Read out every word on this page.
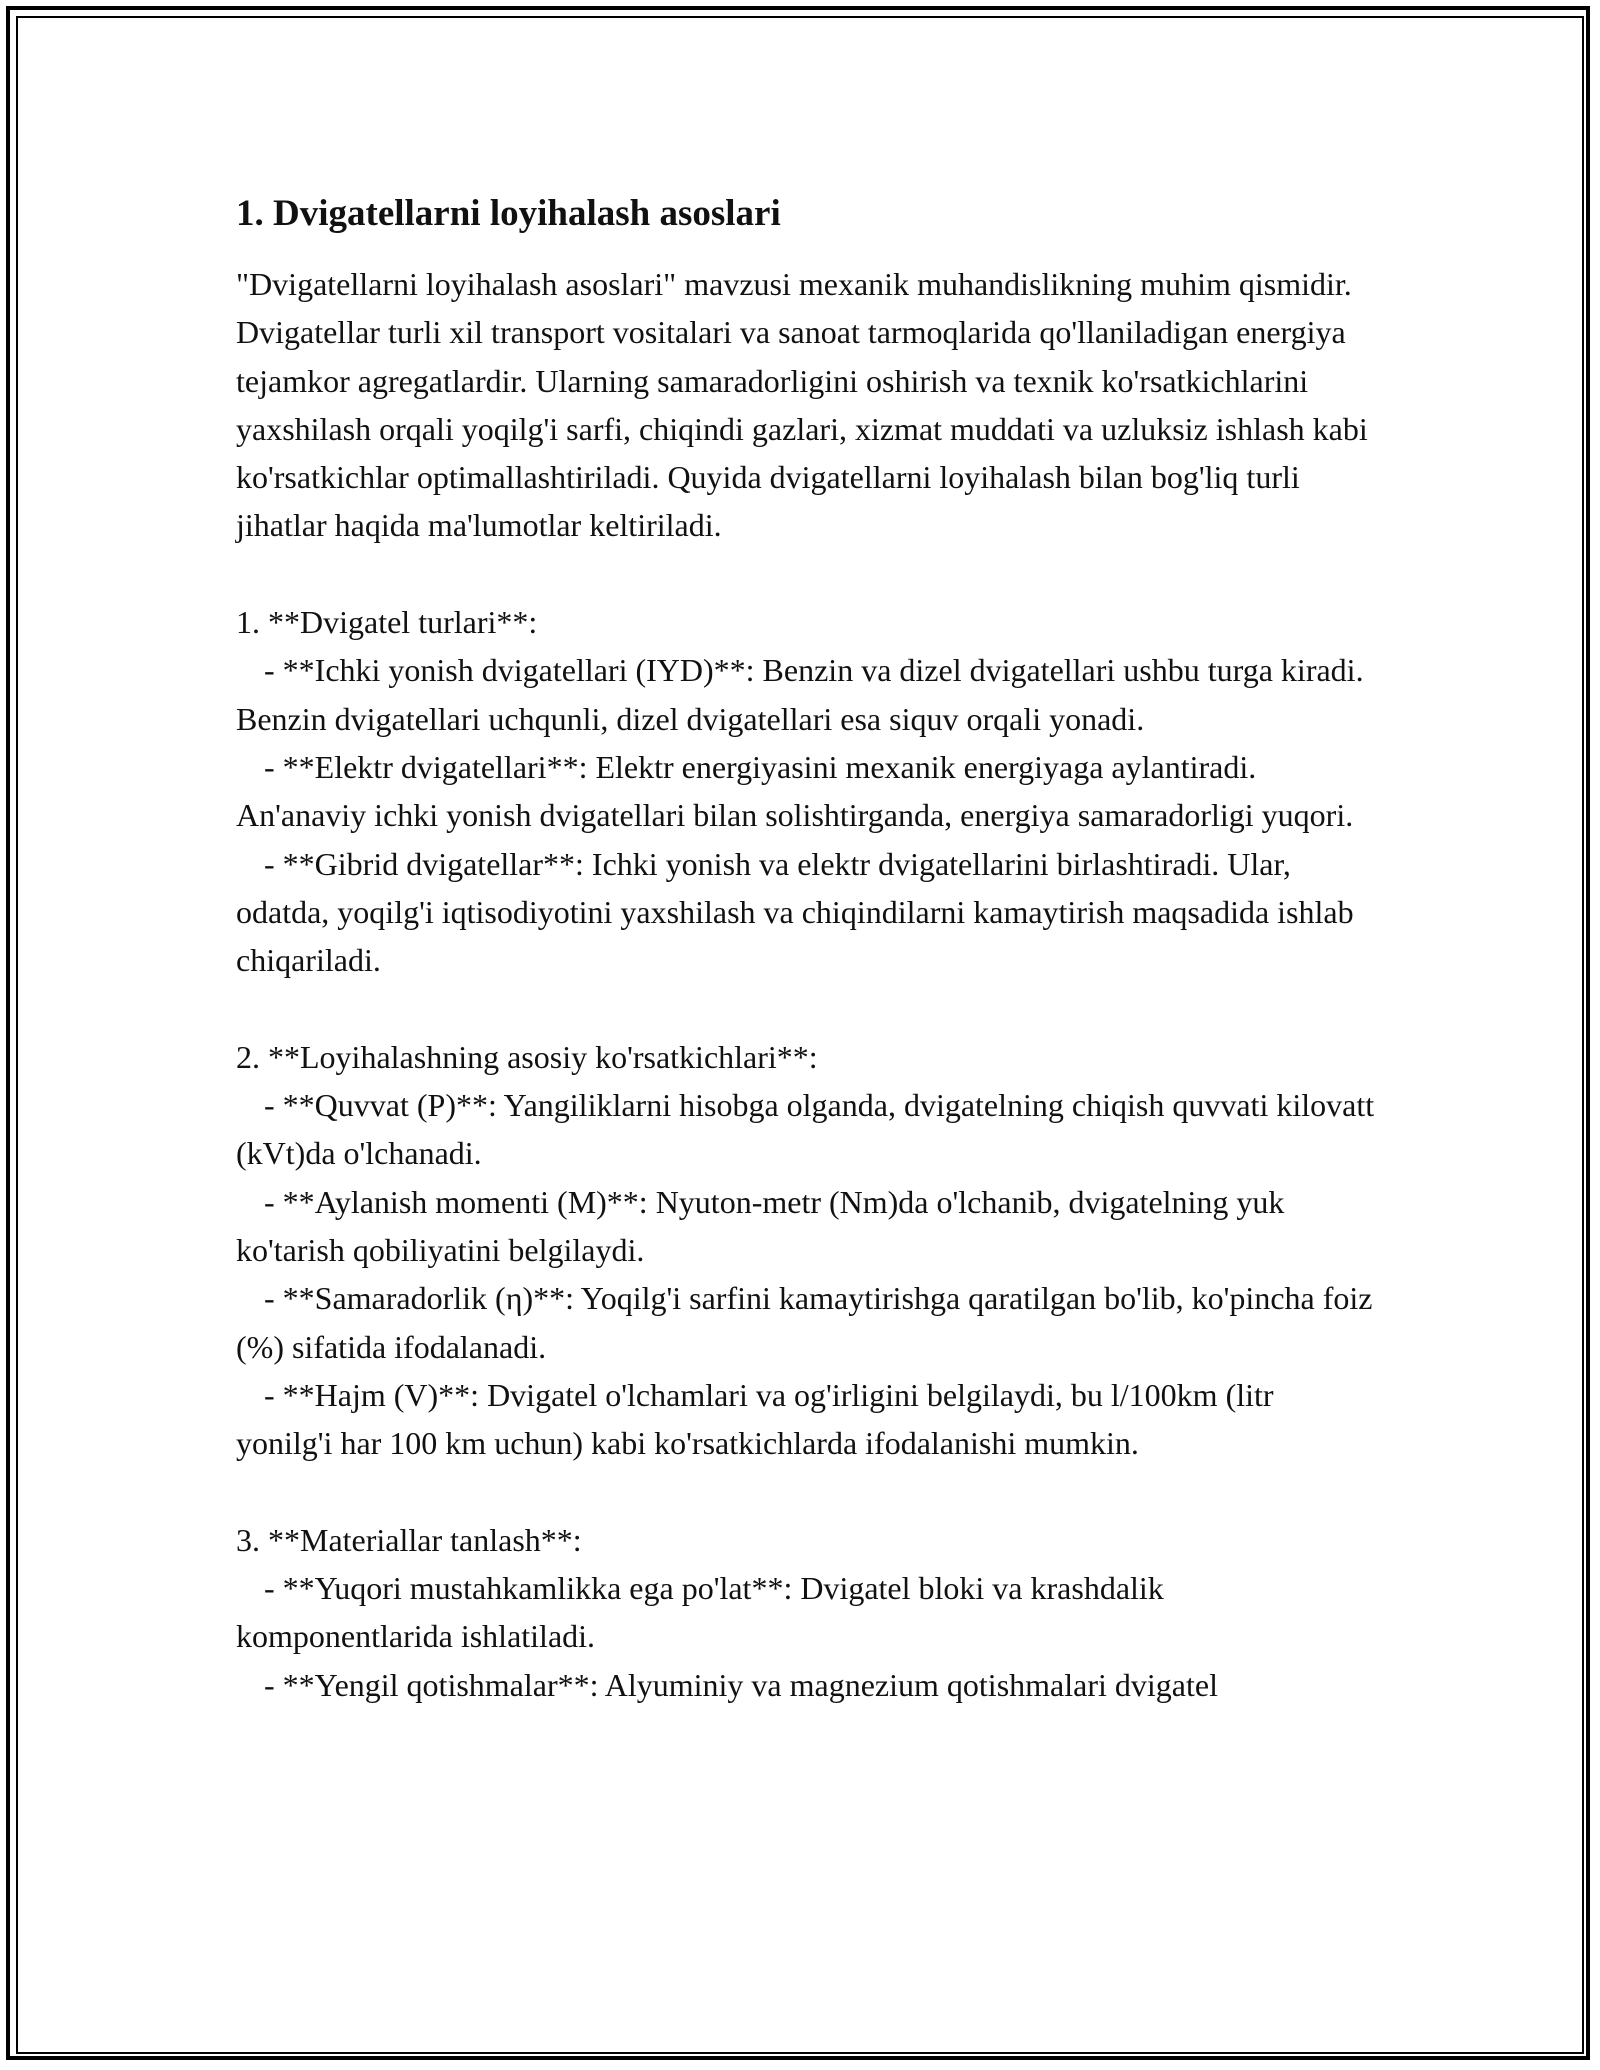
1. Dvigatellarni loyihalash asoslari

"Dvigatellarni loyihalash asoslari" mavzusi mexanik muhandislikning muhim qismidir. Dvigatellar turli xil transport vositalari va sanoat tarmoqlarida qo'llaniladigan energiya tejamkor agregatlardir. Ularning samaradorligini oshirish va texnik ko'rsatkichlarini yaxshilash orqali yoqilg'i sarfi, chiqindi gazlari, xizmat muddati va uzluksiz ishlash kabi ko'rsatkichlar optimallashtiriladi. Quyida dvigatellarni loyihalash bilan bog'liq turli jihatlar haqida ma'lumotlar keltiriladi.

1. **Dvigatel turlari**:

- **Ichki yonish dvigatellari (IYD)**: Benzin va dizel dvigatellari ushbu turga kiradi. Benzin dvigatellari uchqunli, dizel dvigatellari esa siquv orqali yonadi.

- **Elektr dvigatellari**: Elektr energiyasini mexanik energiyaga aylantiradi. An'anaviy ichki yonish dvigatellari bilan solishtirganda, energiya samaradorligi yuqori.

- **Gibrid dvigatellar**: Ichki yonish va elektr dvigatellarini birlashtiradi. Ular, odatda, yoqilg'i iqtisodiyotini yaxshilash va chiqindilarni kamaytirish maqsadida ishlab chiqariladi.

2. **Loyihalashning asosiy ko'rsatkichlari**:

- **Quvvat (P)**: Yangiliklarni hisobga olganda, dvigatelning chiqish quvvati kilovatt (kVt)da o'lchanadi.

- **Aylanish momenti (M)**: Nyuton-metr (Nm)da o'lchanib, dvigatelning yuk ko'tarish qobiliyatini belgilaydi.

- **Samaradorlik (η)**: Yoqilg'i sarfini kamaytirishga qaratilgan bo'lib, ko'pincha foiz (%) sifatida ifodalanadi.

- **Hajm (V)**: Dvigatel o'lchamlari va og'irligini belgilaydi, bu l/100km (litr yonilg'i har 100 km uchun) kabi ko'rsatkichlarda ifodalanishi mumkin.

3. **Materiallar tanlash**:

- **Yuqori mustahkamlikka ega po'lat**: Dvigatel bloki va krashdalik komponentlarida ishlatiladi.

- **Yengil qotishmalar**: Alyuminiy va magnezium qotishmalari dvigatel
